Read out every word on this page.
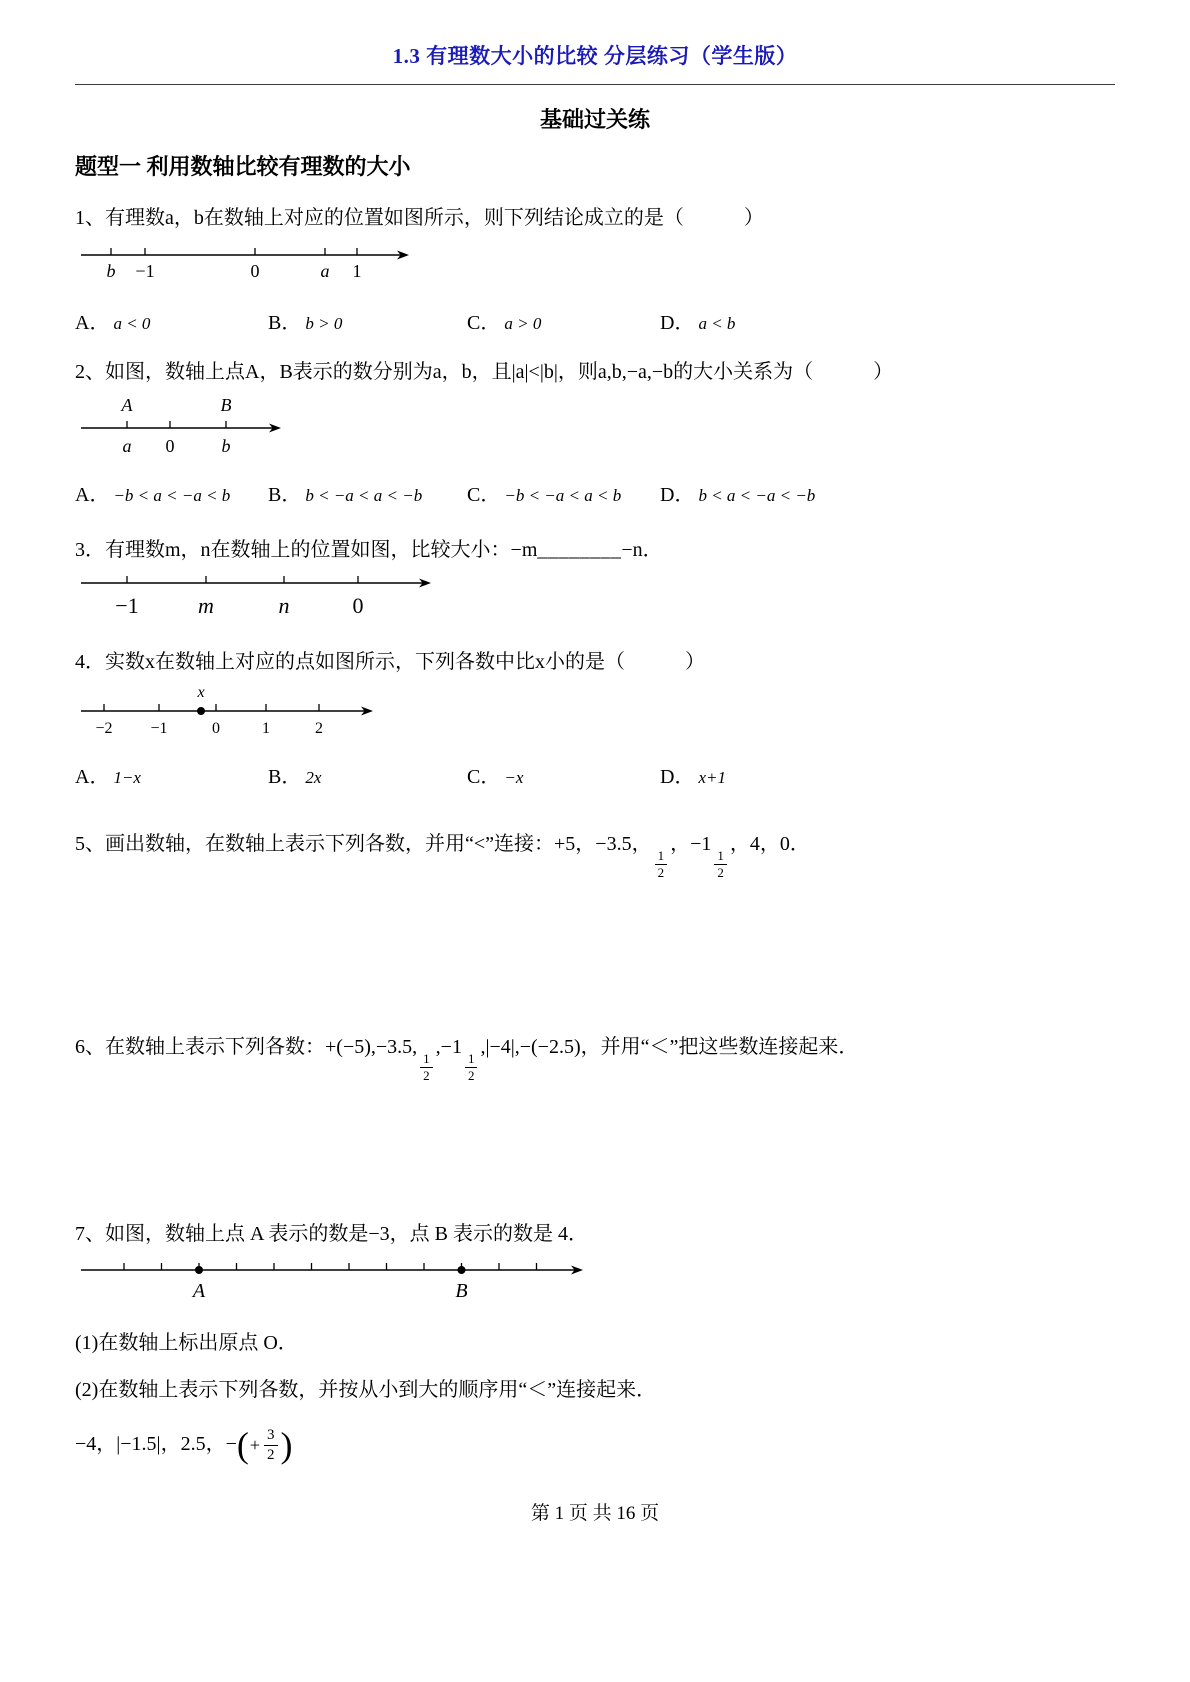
1.3 有理数大小的比较 分层练习（学生版）
基础过关练
题型一 利用数轴比较有理数的大小

1、有理数a，b在数轴上对应的位置如图所示，则下列结论成立的是（　　　）

b −1	0	a 1
A． a < 0	B． b > 0	C． a > 0	D． a < b

2、如图，数轴上点A，B表示的数分别为a，b，且|a|<|b|，则a,b,−a,−b的大小关系为（　　　）

A	B
a 0	b
A． −b < a < −a < b	B． b < −a < a < −b	C． −b < −a < a < b	D． b < a < −a < −b

3．有理数m，n在数轴上的位置如图，比较大小：−m________−n．

−1	m	n	0

4．实数x在数轴上对应的点如图所示，下列各数中比x小的是（　　　）

x
−2 −1	0	1	2
A． 1−x	B． 2x	C． −x	D． x+1

5、画出数轴，在数轴上表示下列各数，并用“<”连接：+5，−3.5，
$\frac{1}{2}$
，−1
$\frac{1}{2}$
，4，0．

6、在数轴上表示下列各数：+(−5),−3.5,
$\frac{1}{2}$
,−1
$\frac{1}{2}$
,|−4|,−(−2.5)，并用“＜”把这些数连接起来．

7、如图，数轴上点 A 表示的数是−3，点 B 表示的数是 4．

A	B

(1)在数轴上标出原点 O．

(2)在数轴上表示下列各数，并按从小到大的顺序用“＜”连接起来．

−4，|−1.5|，2.5，− ( + $\frac{3}{2}$ )

第 1 页 共 16 页
